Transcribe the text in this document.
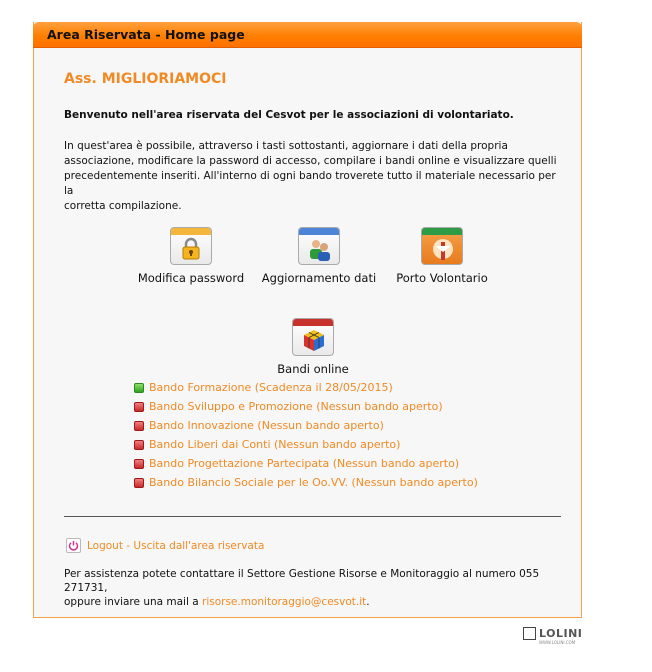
Area Riservata - Home page
Ass. MIGLIORIAMOCI
Benvenuto nell'area riservata del Cesvot per le associazioni di volontariato.
In quest'area è possibile, attraverso i tasti sottostanti, aggiornare i dati della propria
associazione, modificare la password di accesso, compilare i bandi online e visualizzare quelli
precedentemente inseriti. All'interno di ogni bando troverete tutto il materiale necessario per la
corretta compilazione.
Modifica password	Aggiornamento dati	Porto Volontario
Bandi online
Bando Formazione (Scadenza il 28/05/2015)
Bando Sviluppo e Promozione (Nessun bando aperto)
Bando Innovazione (Nessun bando aperto)
Bando Liberi dai Conti (Nessun bando aperto)
Bando Progettazione Partecipata (Nessun bando aperto)
Bando Bilancio Sociale per le Oo.VV. (Nessun bando aperto)
Logout - Uscita dall'area riservata
Per assistenza potete contattare il Settore Gestione Risorse e Monitoraggio al numero 055 271731,
oppure inviare una mail a risorse.monitoraggio@cesvot.it.
LOLINI
WWW.LOLINI.COM
